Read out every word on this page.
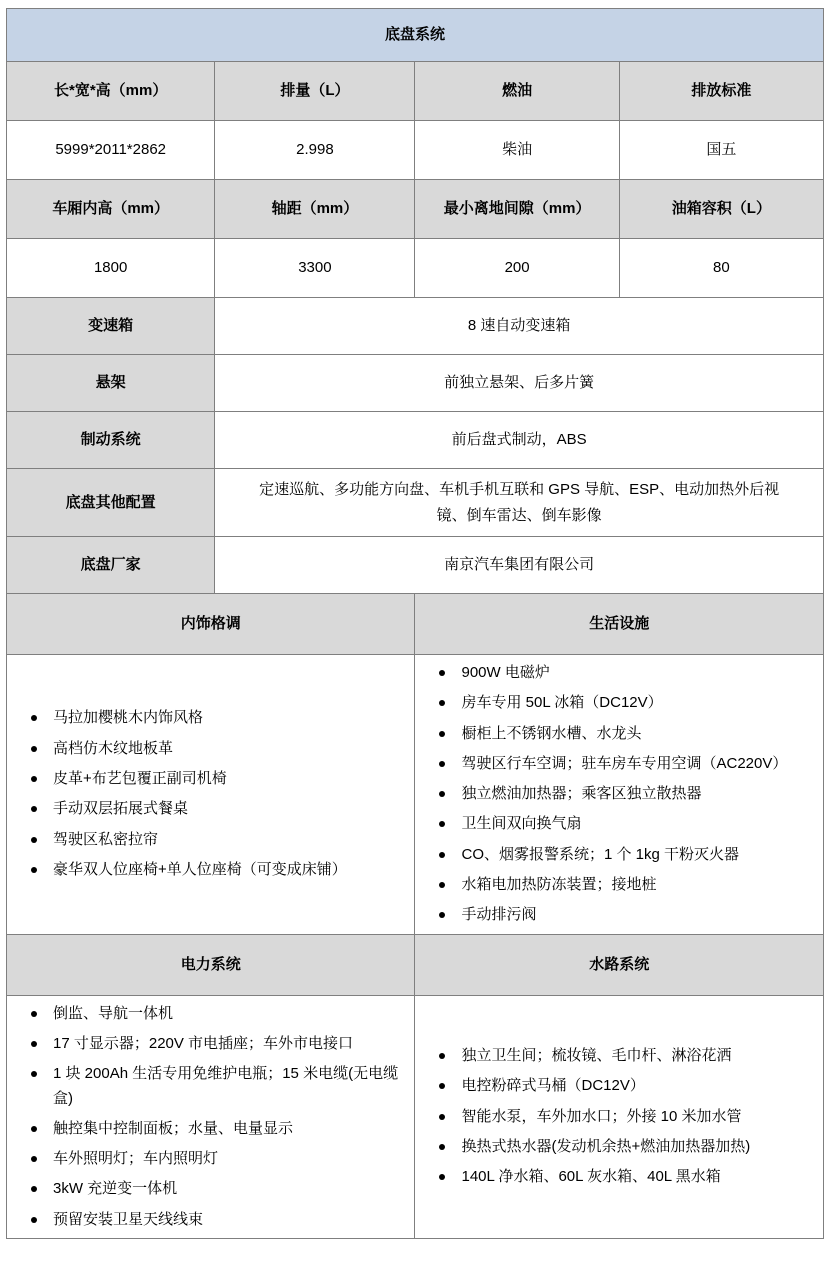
底盘系统			
长*宽*高（mm）	排量（L）	燃油	排放标准
5999*2011*2862	2.998	柴油	国五
车厢内高（mm）	轴距（mm）	最小离地间隙（mm）	油箱容积（L）
1800	3300	200	80
变速箱	8 速自动变速箱		
悬架	前独立悬架、后多片簧		
制动系统	前后盘式制动，ABS		
底盘其他配置	定速巡航、多功能方向盘、车机手机互联和 GPS 导航、ESP、电动加热外后视镜、倒车雷达、倒车影像		
底盘厂家	南京汽车集团有限公司		
内饰格调		生活设施	

马拉加樱桃木内饰风格
高档仿木纹地板革
皮革+布艺包覆正副司机椅
手动双层拓展式餐桌
驾驶区私密拉帘
豪华双人位座椅+单人位座椅（可变成床铺）

900W 电磁炉
房车专用 50L 冰箱（DC12V）
橱柜上不锈钢水槽、水龙头
驾驶区行车空调；驻车房车专用空调（AC220V）
独立燃油加热器；乘客区独立散热器
卫生间双向换气扇
CO、烟雾报警系统；1 个 1kg 干粉灭火器
水箱电加热防冻装置；接地桩
手动排污阀

电力系统		水路系统	

倒监、导航一体机
17 寸显示器；220V 市电插座；车外市电接口
1 块 200Ah 生活专用免维护电瓶；15 米电缆(无电缆盒)
触控集中控制面板；水量、电量显示
车外照明灯；车内照明灯
3kW 充逆变一体机
预留安装卫星天线线束

独立卫生间；梳妆镜、毛巾杆、淋浴花洒
电控粉碎式马桶（DC12V）
智能水泵，车外加水口；外接 10 米加水管
换热式热水器(发动机余热+燃油加热器加热)
140L 净水箱、60L 灰水箱、40L 黑水箱
